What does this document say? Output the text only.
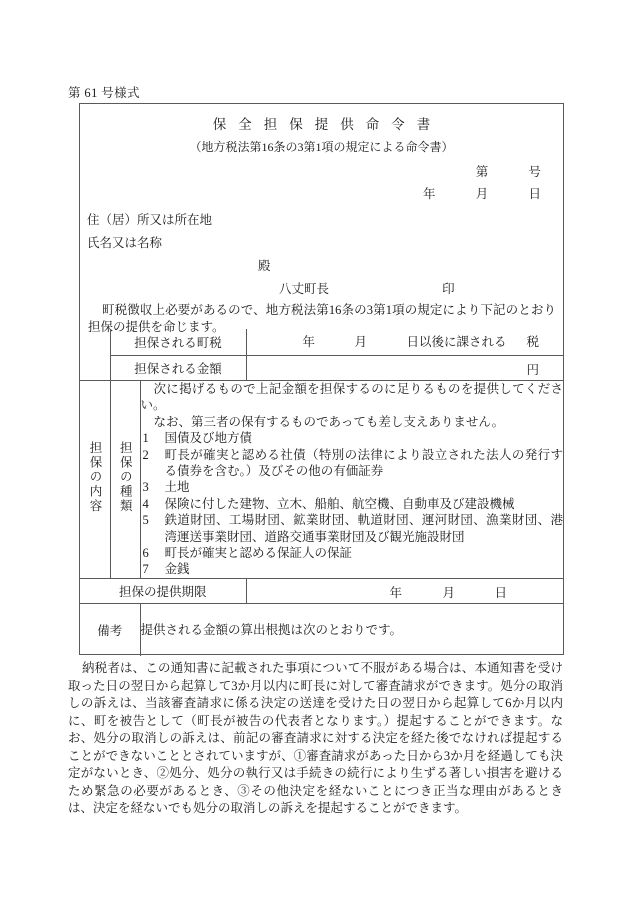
第 61 号様式
保全担保提供命令書
（地方税法第16条の3第1項の規定による命令書）
第	号
年	月	日
住（居）所又は所在地
氏名又は名称
殿
八丈町長	印
町税徴収上必要があるので、地方税法第16条の3第1項の規定により下記のとおり担保の提供を命じます。

	担保される町税		年 月 日以後に課される 税

	担保される金額		円

担保の内容	担保の種類	
次に掲げるもので上記金額を担保するのに足りるものを提供してください。
なお、第三者の保有するものであっても差し支えありません。
1 国債及び地方債
2 町長が確実と認める社債（特別の法律により設立された法人の発行する債券を含む。）及びその他の有価証券
3 土地
4 保険に付した建物、立木、船舶、航空機、自動車及び建設機械
5 鉄道財団、工場財団、鉱業財団、軌道財団、運河財団、漁業財団、港湾運送事業財団、道路交通事業財団及び観光施設財団
6 町長が確実と認める保証人の保証
7 金銭

担保の提供期限			年 月 日

備考		提供される金額の算出根拠は次のとおりです。	
納税者は、この通知書に記載された事項について不服がある場合は、本通知書を受け取った日の翌日から起算して3か月以内に町長に対して審査請求ができます。処分の取消しの訴えは、当該審査請求に係る決定の送達を受けた日の翌日から起算して6か月以内に、町を被告として（町長が被告の代表者となります。）提起することができます。なお、処分の取消しの訴えは、前記の審査請求に対する決定を経た後でなければ提起することができないこととされていますが、①審査請求があった日から3か月を経過しても決定がないとき、②処分、処分の執行又は手続きの続行により生ずる著しい損害を避けるため緊急の必要があるとき、③その他決定を経ないことにつき正当な理由があるときは、決定を経ないでも処分の取消しの訴えを提起することができます。
